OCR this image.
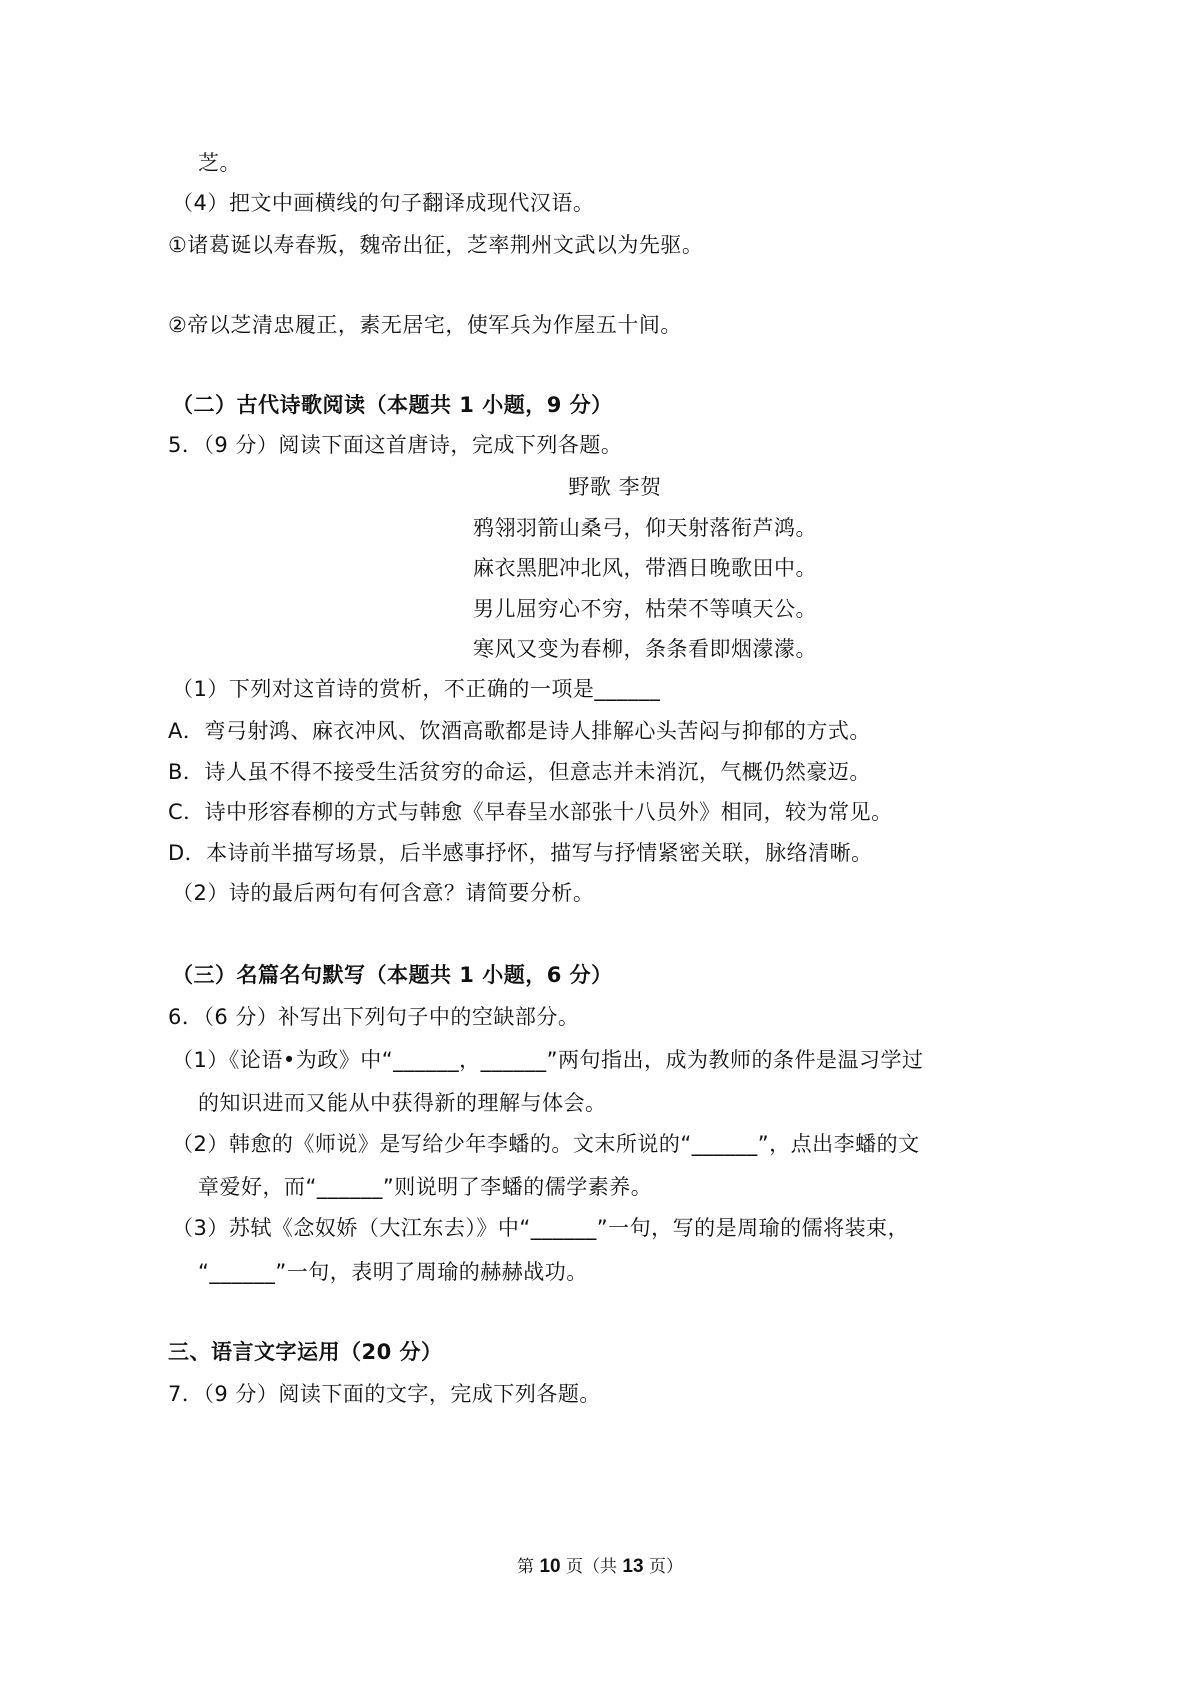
芝。
（4）把文中画横线的句子翻译成现代汉语。
①诸葛诞以寿春叛，魏帝出征，芝率荆州文武以为先驱。
②帝以芝清忠履正，素无居宅，使军兵为作屋五十间。
（二）古代诗歌阅读（本题共 1 小题，9 分）
5．（9 分）阅读下面这首唐诗，完成下列各题。
野歌 李贺
鸦翎羽箭山桑弓，仰天射落衔芦鸿。
麻衣黑肥冲北风，带酒日晚歌田中。
男儿屈穷心不穷，枯荣不等嗔天公。
寒风又变为春柳，条条看即烟濛濛。
（1）下列对这首诗的赏析，不正确的一项是______
A．弯弓射鸿、麻衣冲风、饮酒高歌都是诗人排解心头苦闷与抑郁的方式。
B．诗人虽不得不接受生活贫穷的命运，但意志并未消沉，气概仍然豪迈。
C．诗中形容春柳的方式与韩愈《早春呈水部张十八员外》相同，较为常见。
D．本诗前半描写场景，后半感事抒怀，描写与抒情紧密关联，脉络清晰。
（2）诗的最后两句有何含意？请简要分析。
（三）名篇名句默写（本题共 1 小题，6 分）
6．（6 分）补写出下列句子中的空缺部分。
（1）《论语•为政》中“______，______”两句指出，成为教师的条件是温习学过
的知识进而又能从中获得新的理解与体会。
（2）韩愈的《师说》是写给少年李蟠的。文末所说的“______”，点出李蟠的文
章爱好，而“______”则说明了李蟠的儒学素养。
（3）苏轼《念奴娇（大江东去）》中“______”一句，写的是周瑜的儒将装束，
“______”一句，表明了周瑜的赫赫战功。
三、语言文字运用（20 分）
7．（9 分）阅读下面的文字，完成下列各题。
第 10 页（共 13 页）
